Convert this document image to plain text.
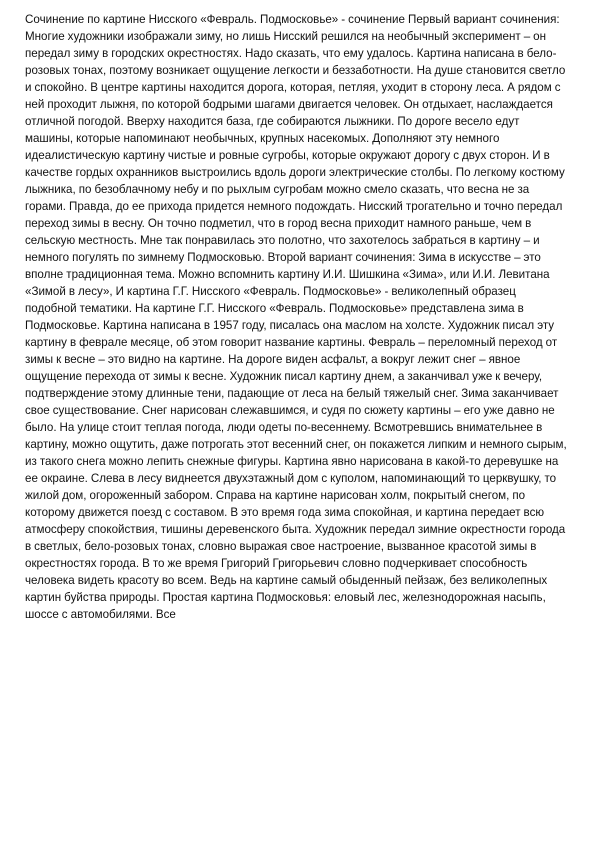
Сочинение по картине Нисского «Февраль. Подмосковье» - сочинение Первый вариант сочинения: Многие художники изображали зиму, но лишь Нисский решился на необычный эксперимент – он передал зиму в городских окрестностях. Надо сказать, что ему удалось. Картина написана в бело-розовых тонах, поэтому возникает ощущение легкости и беззаботности. На душе становится светло и спокойно. В центре картины находится дорога, которая, петляя, уходит в сторону леса. А рядом с ней проходит лыжня, по которой бодрыми шагами двигается человек. Он отдыхает, наслаждается отличной погодой. Вверху находится база, где собираются лыжники. По дороге весело едут машины, которые напоминают необычных, крупных насекомых. Дополняют эту немного идеалистическую картину чистые и ровные сугробы, которые окружают дорогу с двух сторон. И в качестве гордых охранников выстроились вдоль дороги электрические столбы. По легкому костюму лыжника, по безоблачному небу и по рыхлым сугробам можно смело сказать, что весна не за горами. Правда, до ее прихода придется немного подождать. Нисский трогательно и точно передал переход зимы в весну. Он точно подметил, что в город весна приходит намного раньше, чем в сельскую местность. Мне так понравилась это полотно, что захотелось забраться в картину – и немного погулять по зимнему Подмосковью. Второй вариант сочинения: Зима в искусстве – это вполне традиционная тема. Можно вспомнить картину И.И. Шишкина «Зима», или И.И. Левитана «Зимой в лесу», И картина Г.Г. Нисского «Февраль. Подмосковье» - великолепный образец подобной тематики. На картине Г.Г. Нисского «Февраль. Подмосковье» представлена зима в Подмосковье. Картина написана в 1957 году, писалась она маслом на холсте. Художник писал эту картину в феврале месяце, об этом говорит название картины. Февраль – переломный переход от зимы к весне – это видно на картине. На дороге виден асфальт, а вокруг лежит снег – явное ощущение перехода от зимы к весне. Художник писал картину днем, а заканчивал уже к вечеру, подтверждение этому длинные тени, падающие от леса на белый тяжелый снег. Зима заканчивает свое существование. Снег нарисован слежавшимся, и судя по сюжету картины – его уже давно не было. На улице стоит теплая погода, люди одеты по-весеннему. Всмотревшись внимательнее в картину, можно ощутить, даже потрогать этот весенний снег, он покажется липким и немного сырым, из такого снега можно лепить снежные фигуры. Картина явно нарисована в какой-то деревушке на ее окраине. Слева в лесу виднеется двухэтажный дом с куполом, напоминающий то церквушку, то жилой дом, огороженный забором. Справа на картине нарисован холм, покрытый снегом, по которому движется поезд с составом. В это время года зима спокойная, и картина передает всю атмосферу спокойствия, тишины деревенского быта. Художник передал зимние окрестности города в светлых, бело-розовых тонах, словно выражая свое настроение, вызванное красотой зимы в окрестностях города. В то же время Григорий Григорьевич словно подчеркивает способность человека видеть красоту во всем. Ведь на картине самый обыденный пейзаж, без великолепных картин буйства природы. Простая картина Подмосковья: еловый лес, железнодорожная насыпь, шоссе с автомобилями. Все
